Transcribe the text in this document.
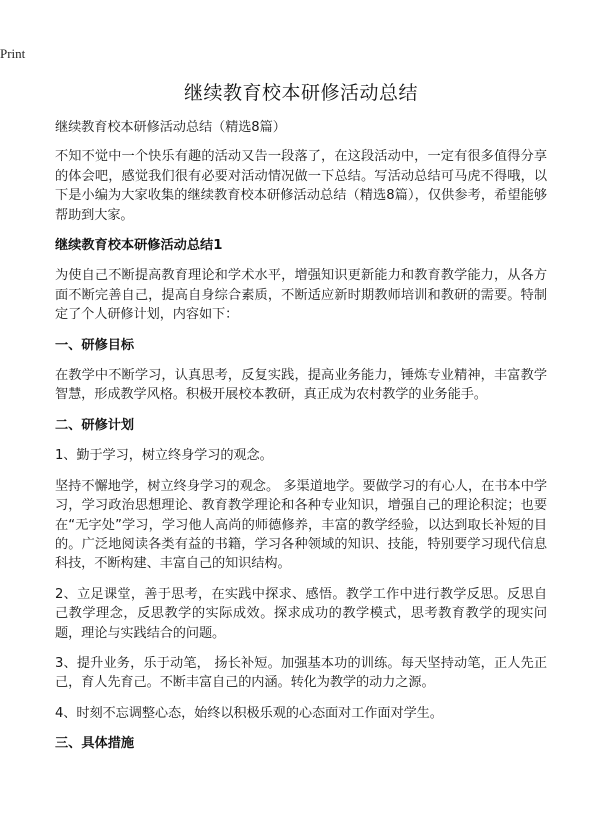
Print
继续教育校本研修活动总结

继续教育校本研修活动总结（精选8篇）

不知不觉中一个快乐有趣的活动又告一段落了，在这段活动中，一定有很多值得分享的体会吧，感觉我们很有必要对活动情况做一下总结。写活动总结可马虎不得哦，以下是小编为大家收集的继续教育校本研修活动总结（精选8篇），仅供参考，希望能够帮助到大家。

继续教育校本研修活动总结1

为使自己不断提高教育理论和学术水平，增强知识更新能力和教育教学能力，从各方面不断完善自己，提高自身综合素质，不断适应新时期教师培训和教研的需要。特制定了个人研修计划，内容如下：

一、研修目标

在教学中不断学习，认真思考，反复实践，提高业务能力，锤炼专业精神，丰富教学智慧，形成教学风格。积极开展校本教研，真正成为农村教学的业务能手。

二、研修计划

1、勤于学习，树立终身学习的观念。

坚持不懈地学，树立终身学习的观念。 多渠道地学。要做学习的有心人，在书本中学习，学习政治思想理论、教育教学理论和各种专业知识，增强自己的理论积淀；也要在“无字处”学习，学习他人高尚的师德修养，丰富的教学经验，以达到取长补短的目的。广泛地阅读各类有益的书籍，学习各种领域的知识、技能，特别要学习现代信息科技，不断构建、丰富自己的知识结构。

2、立足课堂，善于思考，在实践中探求、感悟。教学工作中进行教学反思。反思自己教学理念，反思教学的实际成效。探求成功的教学模式，思考教育教学的现实问题，理论与实践结合的问题。

3、提升业务，乐于动笔， 扬长补短。加强基本功的训练。每天坚持动笔，正人先正己，育人先育己。不断丰富自己的内涵。转化为教学的动力之源。

4、时刻不忘调整心态，始终以积极乐观的心态面对工作面对学生。

三、具体措施
